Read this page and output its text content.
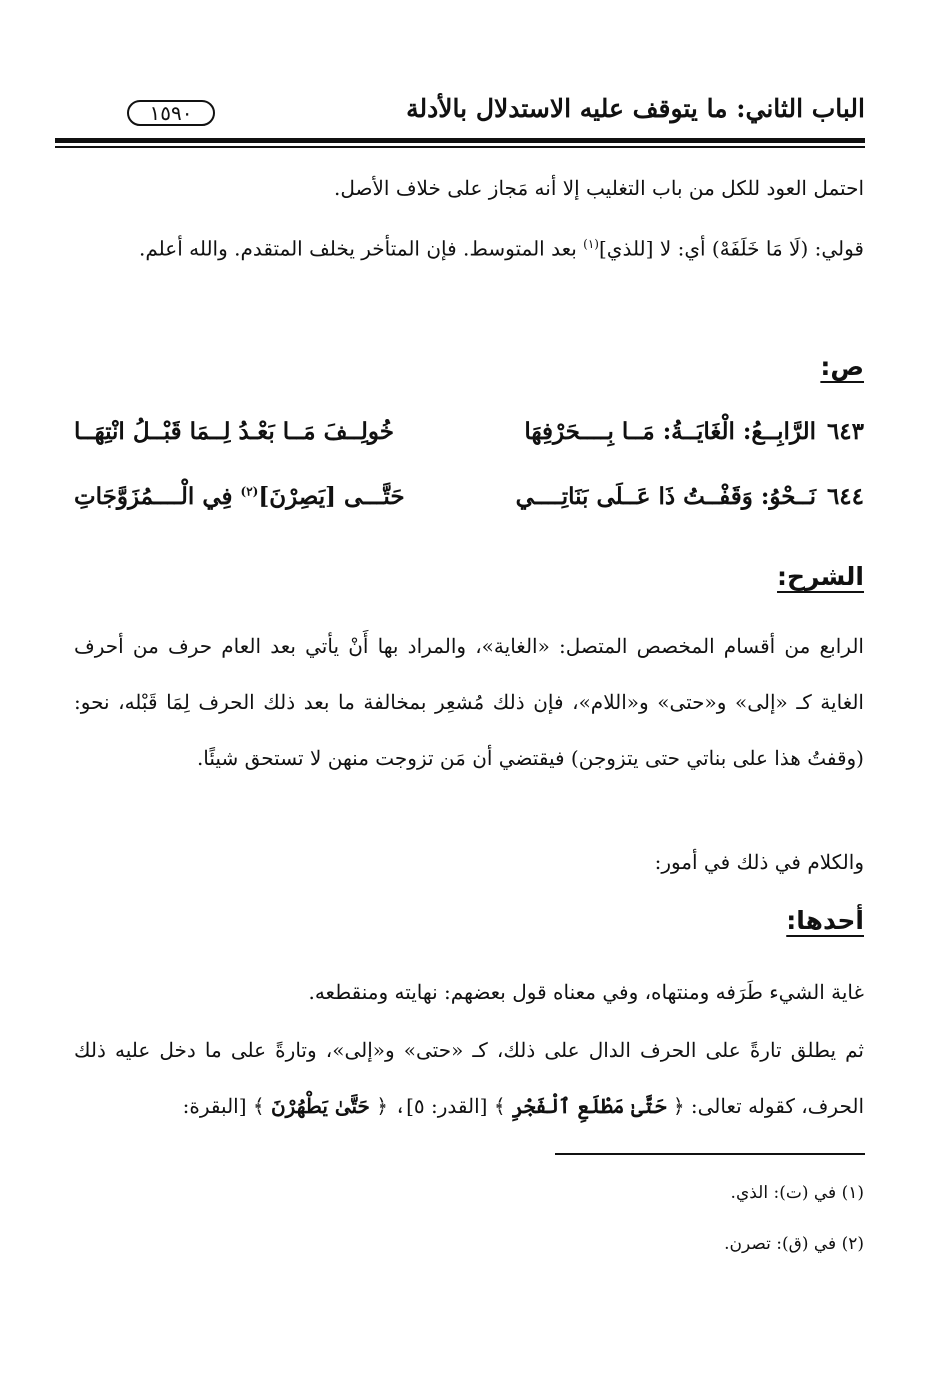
الباب الثاني: ما يتوقف عليه الاستدلال بالأدلة
١٥٩٠
احتمل العود للكل من باب التغليب إلا أنه مَجاز على خلاف الأصل.
قولي: (لَا مَا خَلَفَهْ) أي: لا [للذي]$^{(١)}$ بعد المتوسط. فإن المتأخر يخلف المتقدم. والله أعلم.
ص:
٦٤٣
الرَّابِــعُ: الْغَايَــةُ: مَــا بِــــحَرْفِهَا
خُولِــفَ مَــا بَعْـدُ لِــمَا قَبْــلُ انْتِهَــا
٦٤٤
نَــحْوُ: وَقَفْــتُ ذَا عَــلَى بَنَاتِــــي
حَتَّـــى [يَصِرْنَ]$^{(٢)}$ فِي الْــــمُزَوَّجَاتِ
الشرح:
الرابع من أقسام المخصص المتصل: «الغاية»، والمراد بها أَنْ يأتي بعد العام حرف من أحرف الغاية كـ «إلى» و«حتى» و«اللام»، فإن ذلك مُشعِر بمخالفة ما بعد ذلك الحرف لِمَا قَبْله، نحو: (وقفتُ هذا على بناتي حتى يتزوجن) فيقتضي أن مَن تزوجت منهن لا تستحق شيئًا.
والكلام في ذلك في أمور:
أحدها:
غاية الشيء طَرَفه ومنتهاه، وفي معناه قول بعضهم: نهايته ومنقطعه.
ثم يطلق تارةً على الحرف الدال على ذلك، كـ «حتى» و«إلى»، وتارةً على ما دخل عليه ذلك الحرف، كقوله تعالى: ﴿ حَتَّىٰ مَطْلَعِ ٱلْفَجْرِ ﴾ [القدر: ٥]، ﴿ حَتَّىٰ يَطْهُرْنَ ﴾ [البقرة:
(١) في (ت): الذي.
(٢) في (ق): تصرن.
